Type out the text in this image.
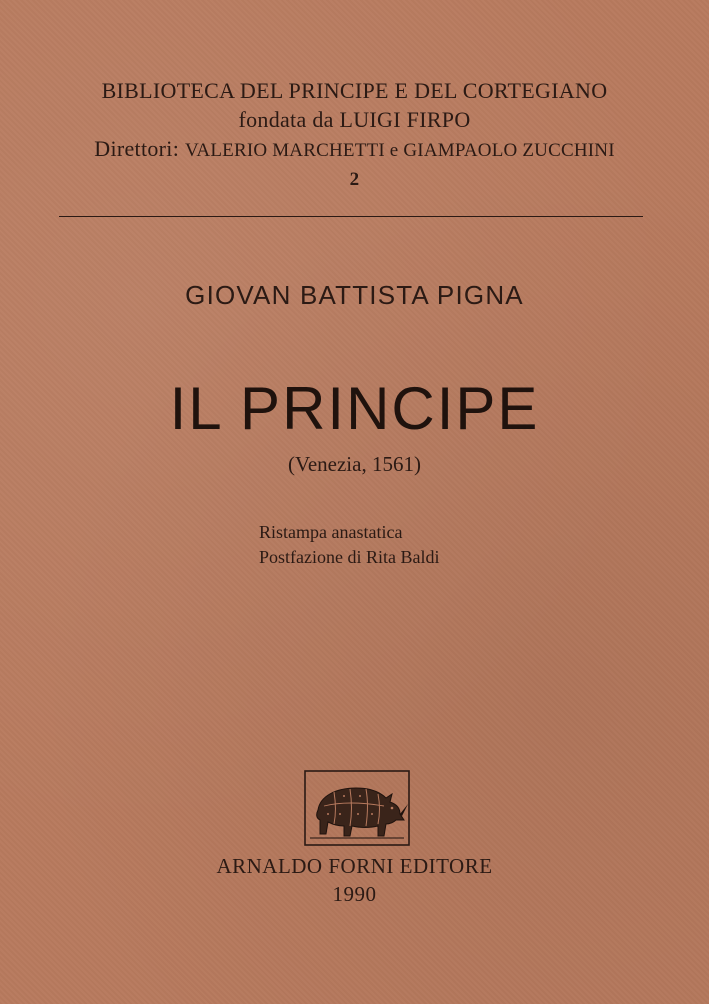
BIBLIOTECA DEL PRINCIPE E DEL CORTEGIANO
fondata da LUIGI FIRPO
Direttori: VALERIO MARCHETTI e GIAMPAOLO ZUCCHINI
2
GIOVAN BATTISTA PIGNA
IL PRINCIPE
(Venezia, 1561)
Ristampa anastatica
Postfazione di Rita Baldi
ARNALDO FORNI EDITORE
1990
